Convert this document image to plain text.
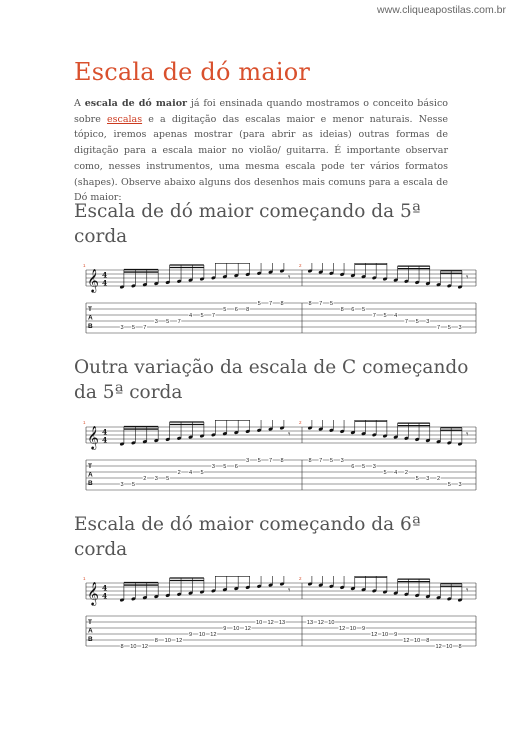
www.cliqueapostilas.com.br
Escala de dó maior

A escala de dó maior já foi ensinada quando mostramos o conceito básico sobre escalas e a digitação das escalas maior e menor naturais. Nesse tópico, iremos apenas mostrar (para abrir as ideias) outras formas de digitação para a escala maior no violão/ guitarra. É importante observar como, nesses instrumentos, uma mesma escala pode ter vários formatos (shapes). Observe abaixo alguns dos desenhos mais comuns para a escala de Dó maior:

Escala de dó maior começando da 5ª corda
1	2
𝄞 4
4
T
A
B	3 5 7
3 5 7
4 5 7
5 6 8
5 7 8
𝄾
8 7 5
8 6 5
7 5 4
7 5 3
7 5 3
𝄾
Outra variação da escala de C começando da 5ª corda
1	2
𝄞 4
4
T
A
B	3 5
2 3 5
2 4 5
3 5 6
3 5 7 8
𝄾
8 7 5 3
6 5 3
5 4 2
5 3 2
5 3
𝄾
Escala de dó maior começando da 6ª corda
1	2
𝄞 4
4
T
A
B
8 10 12
8 10 12
9 10 12
9 10 12
10 12 13
𝄾
13 12 10
12 10 9
12 10 9
12 10 8
12 10 8
𝄾
